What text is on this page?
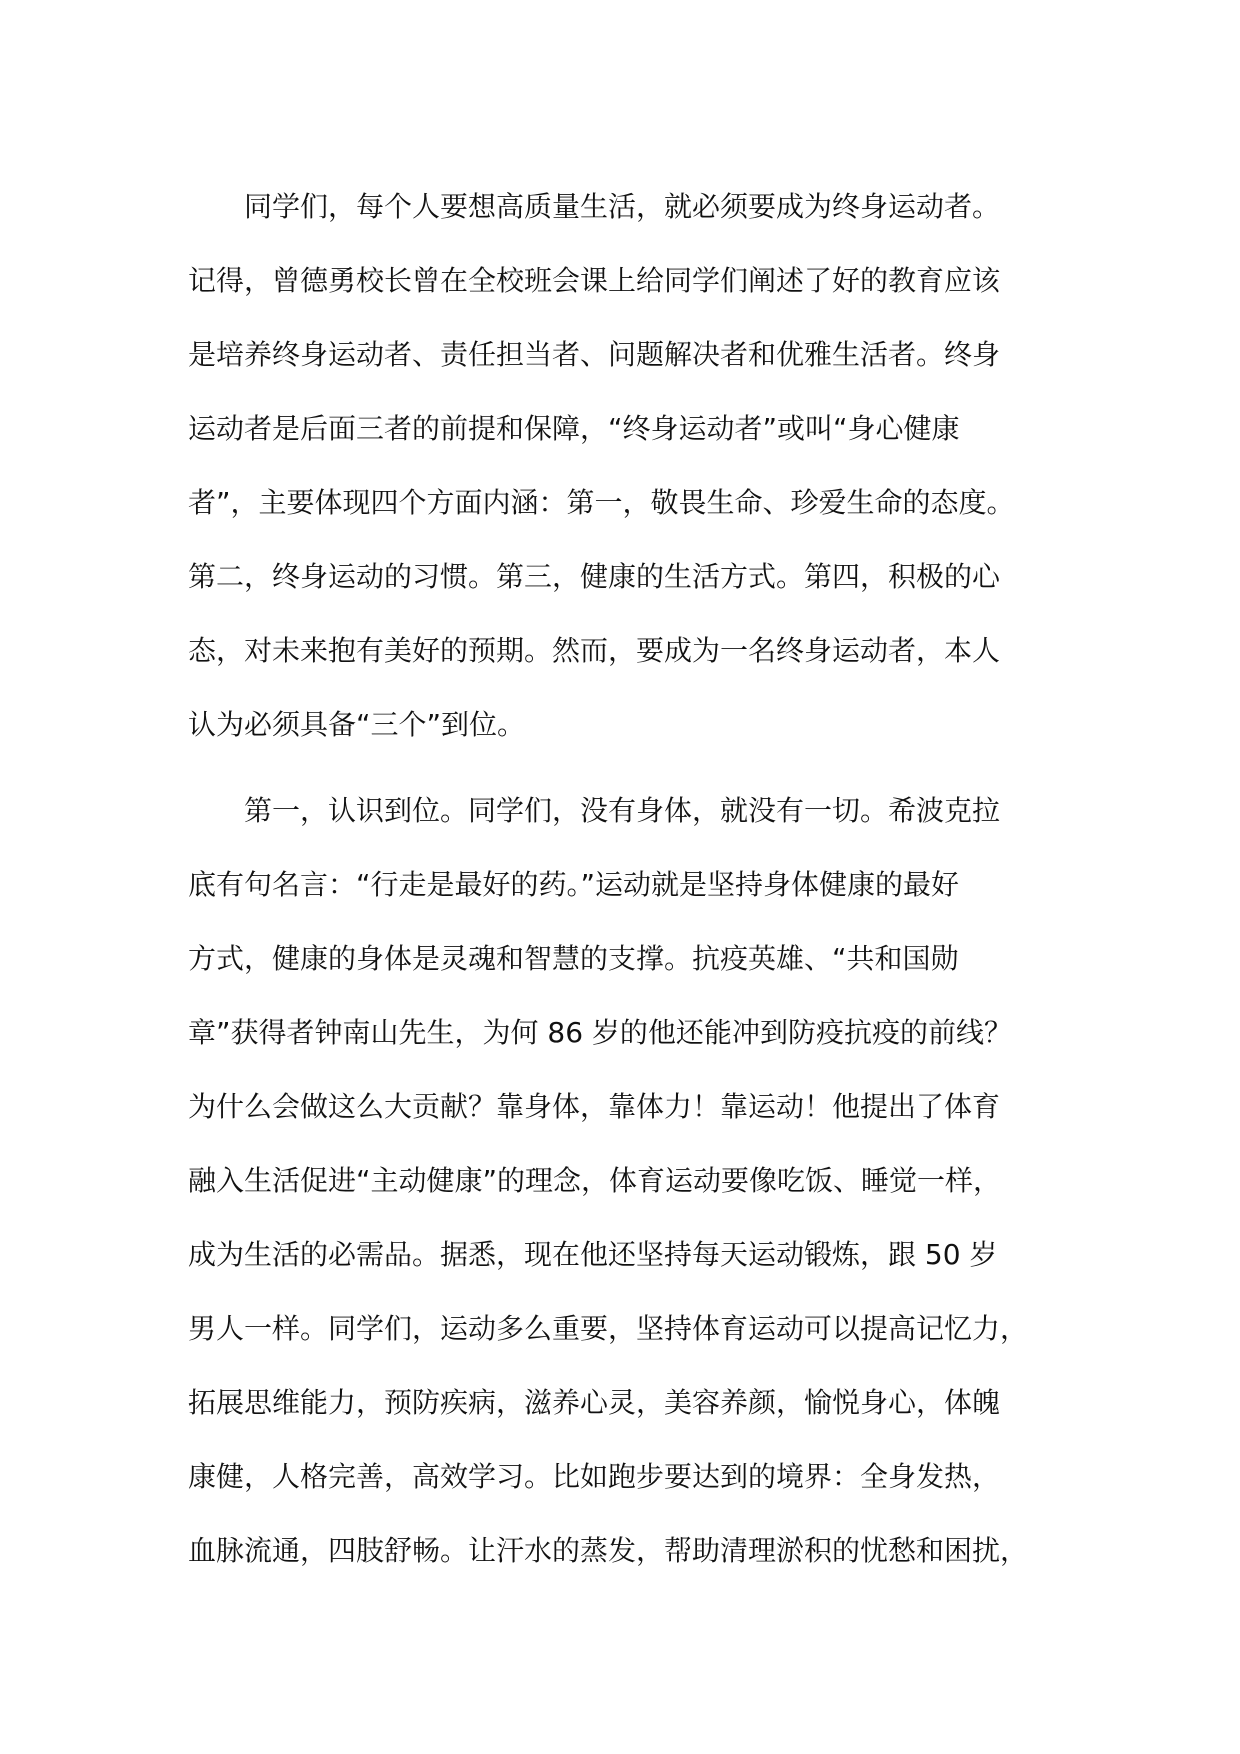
同学们，每个人要想高质量生活，就必须要成为终身运动者。
记得，曾德勇校长曾在全校班会课上给同学们阐述了好的教育应该
是培养终身运动者、责任担当者、问题解决者和优雅生活者。终身
运动者是后面三者的前提和保障，“终身运动者”或叫“身心健康
者”，主要体现四个方面内涵：第一，敬畏生命、珍爱生命的态度。
第二，终身运动的习惯。第三，健康的生活方式。第四，积极的心
态，对未来抱有美好的预期。然而，要成为一名终身运动者，本人
认为必须具备“三个”到位。
第一，认识到位。同学们，没有身体，就没有一切。希波克拉
底有句名言：“行走是最好的药。”运动就是坚持身体健康的最好
方式，健康的身体是灵魂和智慧的支撑。抗疫英雄、“共和国勋
章”获得者钟南山先生，为何 86 岁的他还能冲到防疫抗疫的前线？
为什么会做这么大贡献？靠身体，靠体力！靠运动！他提出了体育
融入生活促进“主动健康”的理念，体育运动要像吃饭、睡觉一样，
成为生活的必需品。据悉，现在他还坚持每天运动锻炼，跟 50 岁
男人一样。同学们，运动多么重要，坚持体育运动可以提高记忆力，
拓展思维能力，预防疾病，滋养心灵，美容养颜，愉悦身心，体魄
康健，人格完善，高效学习。比如跑步要达到的境界：全身发热，
血脉流通，四肢舒畅。让汗水的蒸发，帮助清理淤积的忧愁和困扰，
